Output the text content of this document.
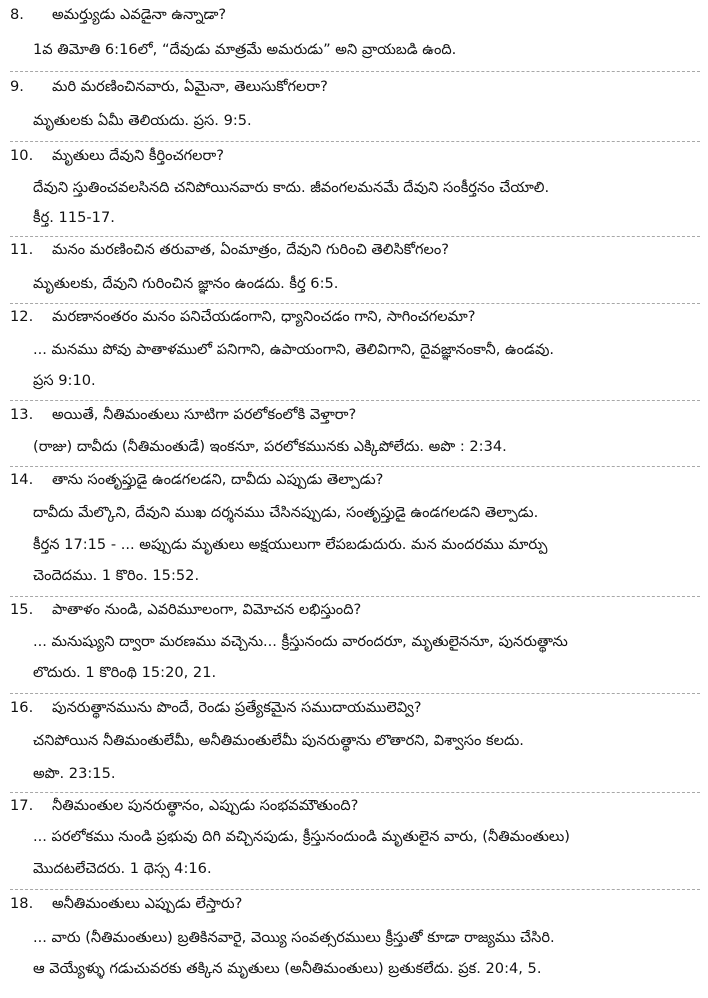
8. అమర్త్యుడు ఎవడైనా ఉన్నాడా?
1వ తిమోతి 6:16లో, “దేవుడు మాత్రమే అమరుడు” అని వ్రాయబడి ఉంది.
9. మరి మరణించినవారు, ఏమైనా, తెలుసుకోగలరా?
మృతులకు ఏమీ తెలియదు. ప్రస. 9:5.
10. మృతులు దేవుని కీర్తించగలరా?
దేవుని స్తుతించవలసినది చనిపోయినవారు కాదు. జీవంగలమనమే దేవుని సంకీర్తనం చేయాలి.
కీర్త. 115-17.
11. మనం మరణించిన తరువాత, ఏంమాత్రం, దేవుని గురించి తెలిసికోగలం?
మృతులకు, దేవుని గురించిన జ్ఞానం ఉండదు. కీర్త 6:5.
12. మరణానంతరం మనం పనిచేయడంగాని, ధ్యానించడం గాని, సాగించగలమా?
... మనము పోవు పాతాళములో పనిగాని, ఉపాయంగాని, తెలివిగాని, దైవజ్ఞానంకానీ, ఉండవు.
ప్రస 9:10.
13. అయితే, నీతిమంతులు సూటిగా పరలోకంలోకి వెళ్తారా?
(రాజు) దావీదు (నీతిమంతుడే) ఇంకనూ, పరలోకమునకు ఎక్కిపోలేదు. అపొ : 2:34.
14. తాను సంతృప్తుడై ఉండగలడని, దావీదు ఎప్పుడు తెల్పాడు?
దావీదు మేల్కొని, దేవుని ముఖ దర్శనము చేసినప్పుడు, సంతృప్తుడై ఉండగలడని తెల్పాడు.
కీర్తన 17:15 - ... అప్పుడు మృతులు అక్షయులుగా లేపబడుదురు. మన మందరము మార్పు
చెందెదము. 1 కొరిం. 15:52.
15. పాతాళం నుండి, ఎవరిమూలంగా, విమోచన లభిస్తుంది?
... మనుష్యుని ద్వారా మరణము వచ్చెను... క్రీస్తునందు వారందరూ, మృతులైననూ, పునరుత్థాను
లొదురు. 1 కొరింథి 15:20, 21.
16. పునరుత్థానమును పొందే, రెండు ప్రత్యేకమైన సముదాయములెవ్వి?
చనిపోయిన నీతిమంతులేమీ, అనీతిమంతులేమీ పునరుత్థాను లొతారని, విశ్వాసం కలదు.
అపొ. 23:15.
17. నీతిమంతుల పునరుత్థానం, ఎప్పుడు సంభవమౌతుంది?
... పరలోకము నుండి ప్రభువు దిగి వచ్చినపుడు, క్రీస్తునందుండి మృతులైన వారు, (నీతిమంతులు)
మొదటలేచెదరు. 1 థెస్స 4:16.
18. అనీతిమంతులు ఎప్పుడు లేస్తారు?
... వారు (నీతిమంతులు) బ్రతికినవారై, వెయ్యి సంవత్సరములు క్రీస్తుతో కూడా రాజ్యము చేసిరి.
ఆ వెయ్యేళ్ళు గడుచువరకు తక్కిన మృతులు (అనీతిమంతులు) బ్రతుకలేదు. ప్రక. 20:4, 5.
